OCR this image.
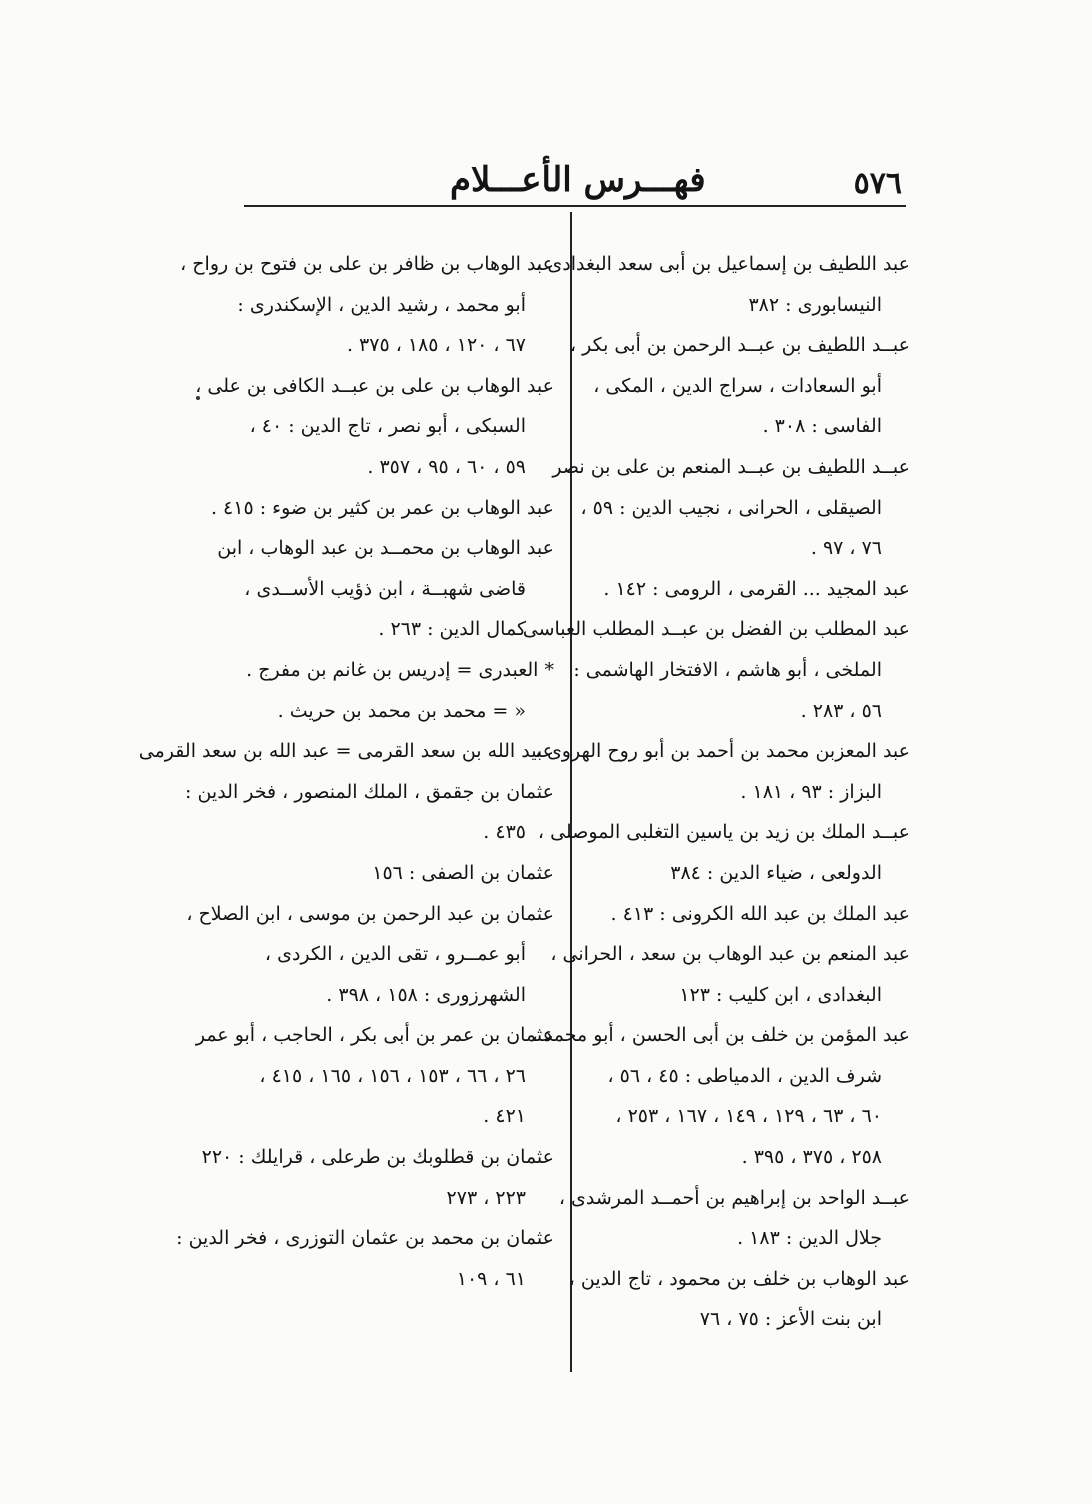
٥٧٦
فهـــرس الأعـــلام
عبد اللطيف بن إسماعيل بن أبى سعد البغدادى ،
النيسابورى : ٣٨٢
عبــد اللطيف بن عبــد الرحمن بن أبى بكر ،
أبو السعادات ، سراج الدين ، المكى ،
الفاسى : ٣٠٨ .
عبــد اللطيف بن عبــد المنعم بن على بن نصر
الصيقلى ، الحرانى ، نجيب الدين : ٥٩ ،
٧٦ ، ٩٧ .
عبد المجيد ... القرمى ، الرومى : ١٤٢ .
عبد المطلب بن الفضل بن عبــد المطلب العباسى
الملخى ، أبو هاشم ، الافتخار الهاشمى :
٥٦ ، ٢٨٣ .
عبد المعزبن محمد بن أحمد بن أبو روح الهروى ،
البزاز : ٩٣ ، ١٨١ .
عبــد الملك بن زيد بن ياسين التغلبى الموصلى ،
الدولعى ، ضياء الدين : ٣٨٤
عبد الملك بن عبد الله الكرونى : ٤١٣ .
عبد المنعم بن عبد الوهاب بن سعد ، الحرانى ،
البغدادى ، ابن كليب : ١٢٣
عبد المؤمن بن خلف بن أبى الحسن ، أبو محمد ،
شرف الدين ، الدمياطى : ٤٥ ، ٥٦ ،
٦٠ ، ٦٣ ، ١٢٩ ، ١٤٩ ، ١٦٧ ، ٢٥٣ ،
٢٥٨ ، ٣٧٥ ، ٣٩٥ .
عبــد الواحد بن إبراهيم بن أحمــد المرشدى ،
جلال الدين : ١٨٣ .
عبد الوهاب بن خلف بن محمود ، تاج الدين ،
ابن بنت الأعز : ٧٥ ، ٧٦
عبد الوهاب بن ظافر بن على بن فتوح بن رواح ،
أبو محمد ، رشيد الدين ، الإسكندرى :
٦٧ ، ١٢٠ ، ١٨٥ ، ٣٧٥ .
عبد الوهاب بن على بن عبــد الكافى بن على ،
السبكى ، أبو نصر ، تاج الدين : ٤٠ ،
٥٩ ، ٦٠ ، ٩٥ ، ٣٥٧ .
عبد الوهاب بن عمر بن كثير بن ضوء : ٤١٥ .
عبد الوهاب بن محمــد بن عبد الوهاب ، ابن
قاضى شهبــة ، ابن ذؤيب الأســدى ،
كمال الدين : ٢٦٣ .
* العبدرى = إدريس بن غانم بن مفرج .
« = محمد بن محمد بن حريث .
عبيد الله بن سعد القرمى = عبد الله بن سعد القرمى
عثمان بن جقمق ، الملك المنصور ، فخر الدين :
٤٣٥ .
عثمان بن الصفى : ١٥٦
عثمان بن عبد الرحمن بن موسى ، ابن الصلاح ،
أبو عمــرو ، تقى الدين ، الكردى ،
الشهرزورى : ١٥٨ ، ٣٩٨ .
عثمان بن عمر بن أبى بكر ، الحاجب ، أبو عمر
٢٦ ، ٦٦ ، ١٥٣ ، ١٥٦ ، ١٦٥ ، ٤١٥ ،
٤٢١ .
عثمان بن قطلوبك بن طرعلى ، قرايلك : ٢٢٠
٢٢٣ ، ٢٧٣
عثمان بن محمد بن عثمان التوزرى ، فخر الدين :
٦١ ، ١٠٩
